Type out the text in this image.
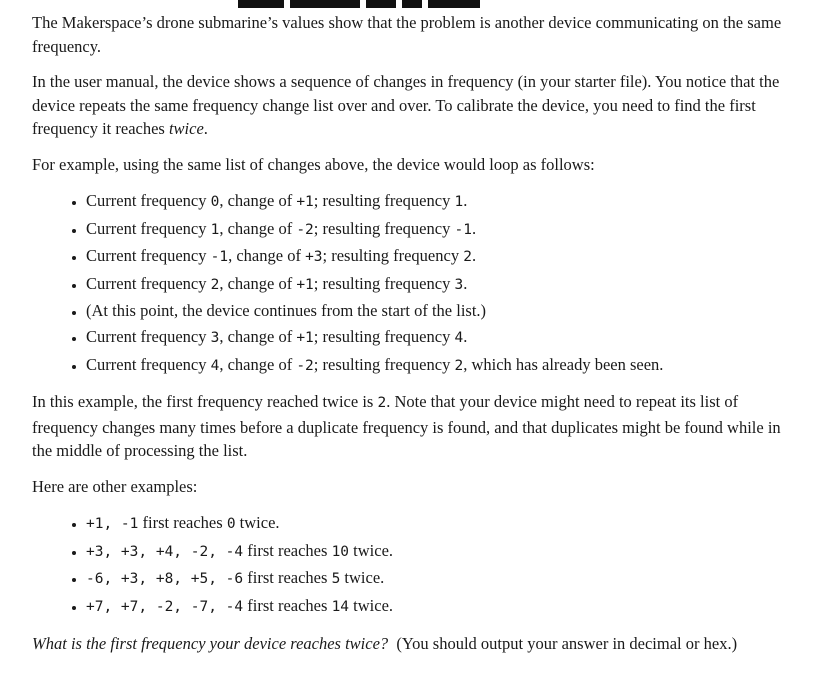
The Makerspace’s drone submarine’s values show that the problem is another device communicating on the same frequency.

In the user manual, the device shows a sequence of changes in frequency (in your starter file). You notice that the device repeats the same frequency change list over and over. To calibrate the device, you need to find the first frequency it reaches twice.

For example, using the same list of changes above, the device would loop as follows:

• Current frequency 0, change of +1; resulting frequency 1.
• Current frequency 1, change of -2; resulting frequency -1.
• Current frequency -1, change of +3; resulting frequency 2.
• Current frequency 2, change of +1; resulting frequency 3.
• (At this point, the device continues from the start of the list.)
• Current frequency 3, change of +1; resulting frequency 4.
• Current frequency 4, change of -2; resulting frequency 2, which has already been seen.

In this example, the first frequency reached twice is 2. Note that your device might need to repeat its list of frequency changes many times before a duplicate frequency is found, and that duplicates might be found while in the middle of processing the list.

Here are other examples:

• +1, -1 first reaches 0 twice.
• +3, +3, +4, -2, -4 first reaches 10 twice.
• -6, +3, +8, +5, -6 first reaches 5 twice.
• +7, +7, -2, -7, -4 first reaches 14 twice.

What is the first frequency your device reaches twice?  (You should output your answer in decimal or hex.)
